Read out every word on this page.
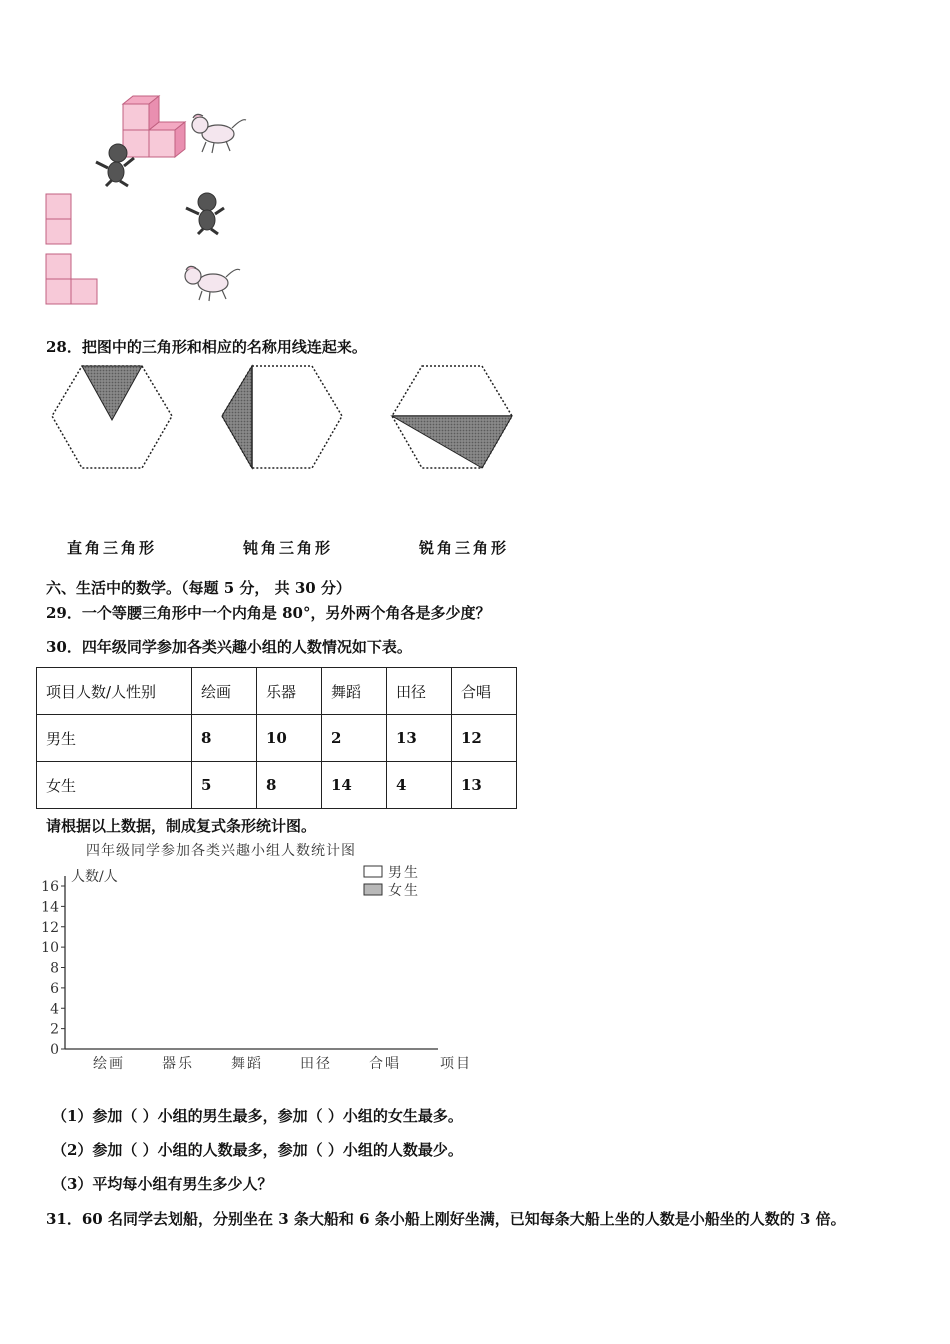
28．把图中的三角形和相应的名称用线连起来。
直角三角形	钝角三角形	锐角三角形
六、生活中的数学。（每题 5 分， 共 30 分）
29．一个等腰三角形中一个内角是 80°，另外两个角各是多少度？
30．四年级同学参加各类兴趣小组的人数情况如下表。
项目人数/人性别	绘画	乐器	舞蹈	田径	合唱
男生	8	10	2	13	12
女生	5	8	14	4	13
请根据以上数据，制成复式条形统计图。
四年级同学参加各类兴趣小组人数统计图
人数/人
0
2
4
6
8
10
12
14
16
绘画	器乐	舞蹈	田径	合唱	项目
男生
女生
（1）参加（ ）小组的男生最多，参加（ ）小组的女生最多。
（2）参加（ ）小组的人数最多，参加（ ）小组的人数最少。
（3）平均每小组有男生多少人？
31．60 名同学去划船，分别坐在 3 条大船和 6 条小船上刚好坐满，已知每条大船上坐的人数是小船坐的人数的 3 倍。
